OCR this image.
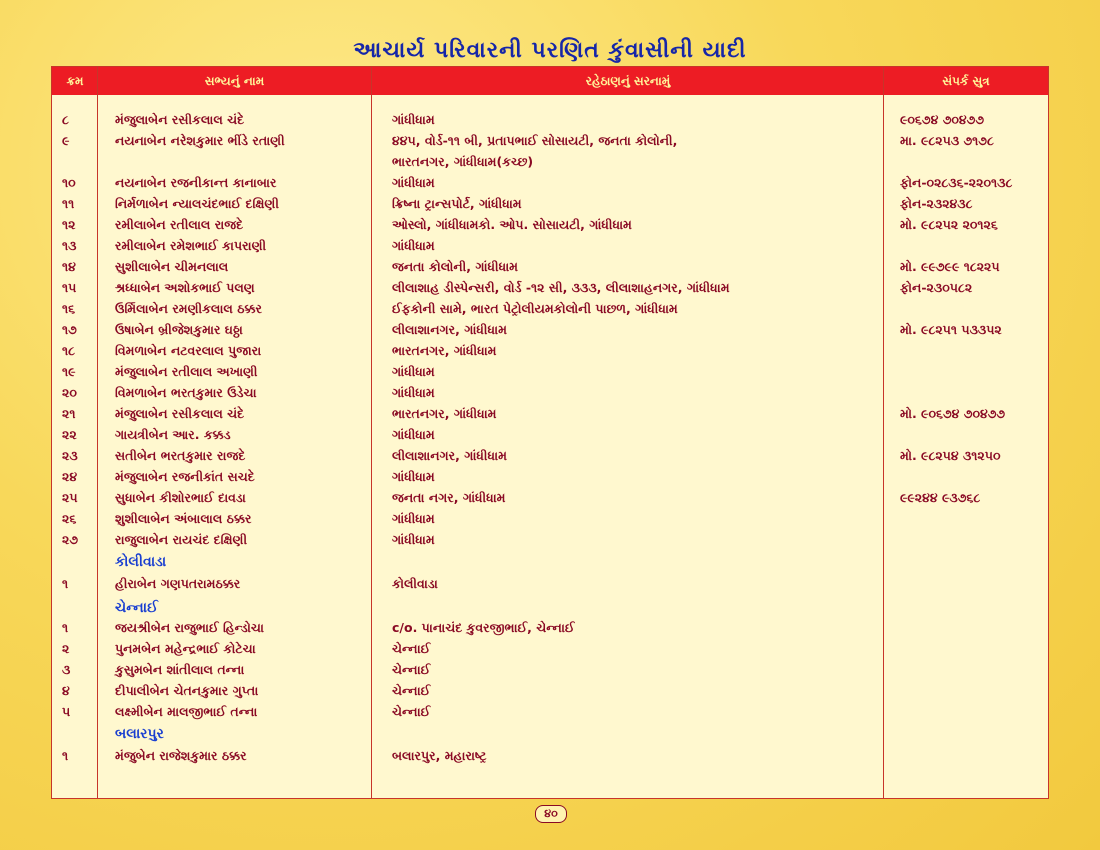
આચાર્ય પરિવારની પરણિત કુંવાસીની યાદી
ક્રમ	સભ્યનું નામ	રહેઠાણનું સરનામું	સંપર્ક સુત્ર
૮	મંજુલાબેન રસીકલાલ ચંદે	ગાંધીધામ	૯૦૬૭૪ ૭૦૪૭૭
૯	નયનાબેન નરેશકુમાર ભીંડે રતાણી	૪૪૫, વોર્ડ-૧૧ બી, પ્રતાપભાઈ સોસાયટી, જનતા કોલોની,	મા. ૯૮૨૫૩ ૭૧૭૮
ભારતનગર, ગાંધીધામ(કચ્છ)
૧૦	નયનાબેન રજનીકાન્ત કાનાબાર	ગાંધીધામ	ફોન-૦૨૮૩૬-૨૨૦૧૩૮
૧૧	નિર્મળાબેન ન્યાલચંદભાઈ દક્ષિણી	ક્રિષ્ના ટ્રાન્સપોર્ટ, ગાંધીધામ	ફોન-૨૩૨૪૩૮
૧૨	રમીલાબેન રતીલાલ રાજદે	ઓસ્લો, ગાંધીધામકો. ઓપ. સોસાયટી, ગાંધીધામ	મો. ૯૮૨૫૨ ૨૦૧૨૬
૧૩	રમીલાબેન રમેશભાઈ કાપરાણી	ગાંધીધામ
૧૪	સુશીલાબેન ચીમનલાલ	જનતા કોલોની, ગાંધીધામ	મો. ૯૯૭૯૯ ૧૮૨૨૫
૧૫	શ્રધ્ધાબેન અશોકભાઈ પલણ	લીલાશાહ ડીસ્પેન્સરી, વોર્ડ -૧૨ સી, ૩૩૩, લીલાશાહનગર, ગાંધીધામ	ફોન-૨૩૦૫૮૨
૧૬	ઉર્મિલાબેન રમણીકલાલ ઠક્કર	ઈફકોની સામે, ભારત પેટ્રોલીયમકોલોની પાછળ, ગાંધીધામ
૧૭	ઉષાબેન બ્રીજેશકુમાર ઘઠ્ઠા	લીલાશાનગર, ગાંધીધામ	મો. ૯૮૨૫૧ ૫૩૩૫૨
૧૮	વિમળાબેન નટવરલાલ પુજારા	ભારતનગર, ગાંધીધામ
૧૯	મંજુલાબેન રતીલાલ અખાણી	ગાંધીધામ
૨૦	વિમળાબેન ભરતકુમાર ઉડેચા	ગાંધીધામ
૨૧	મંજુલાબેન રસીકલાલ ચંદે	ભારતનગર, ગાંધીધામ	મો. ૯૦૬૭૪ ૭૦૪૭૭
૨૨	ગાયત્રીબેન આર. કક્કડ	ગાંધીધામ
૨૩	સતીબેન ભરતકુમાર રાજદે	લીલાશાનગર, ગાંધીધામ	મો. ૯૮૨૫૪ ૩૧૨૫૦
૨૪	મંજુલાબેન રજનીકાંત સચદે	ગાંધીધામ
૨૫	સુધાબેન કીશોરભાઈ દાવડા	જનતા નગર, ગાંધીધામ	૯૯૨૪૪ ૯૩૭૬૮
૨૬	શુશીલાબેન અંબાલાલ ઠક્કર	ગાંધીધામ
૨૭	રાજુલાબેન રાયચંદ દક્ષિણી	ગાંધીધામ
કોલીવાડા
૧	હીરાબેન ગણપતરામઠક્કર	કોલીવાડા
ચેન્નાઈ
૧	જયશ્રીબેન રાજુભાઈ હિન્ડોચા	c/o. પાનાચંદ કુવરજીભાઈ, ચેન્નાઈ
૨	પુનમબેન મહેન્દ્રભાઈ કોટેચા	ચેન્નાઈ
૩	કુસુમબેન શાંતીલાલ તન્ના	ચેન્નાઈ
૪	દીપાલીબેન ચેતનકુમાર ગુપ્તા	ચેન્નાઈ
૫	લક્ષ્મીબેન માલજીભાઈ તન્ના	ચેન્નાઈ
બલારપુર
૧	મંજુબેન રાજેશકુમાર ઠક્કર	બલારપુર, મહારાષ્ટ્ર
૪૦
